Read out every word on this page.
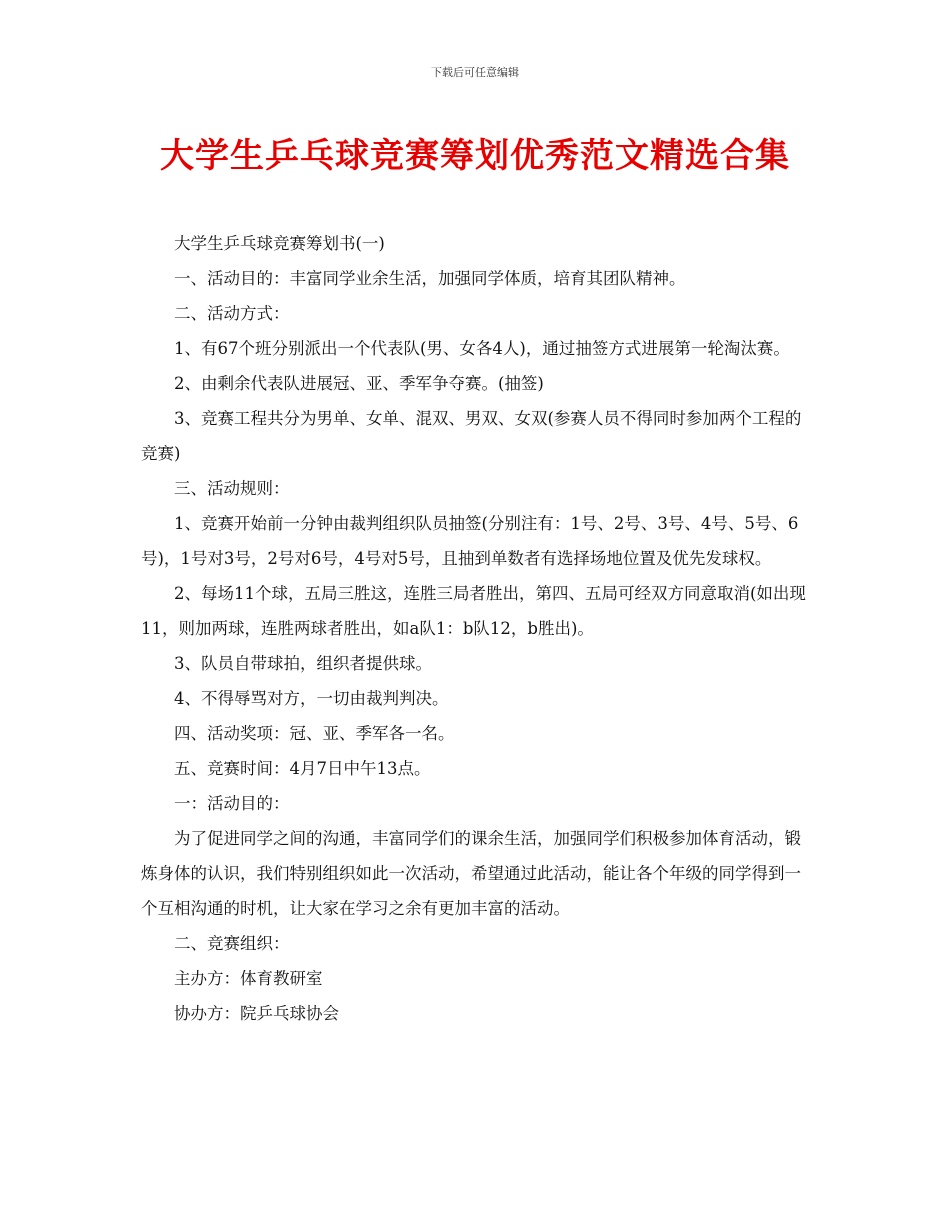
下载后可任意编辑
大学生乒乓球竞赛筹划优秀范文精选合集

大学生乒乓球竞赛筹划书(一)

一、活动目的：丰富同学业余生活，加强同学体质，培育其团队精神。

二、活动方式：

1、有67个班分别派出一个代表队(男、女各4人)，通过抽签方式进展第一轮淘汰赛。

2、由剩余代表队进展冠、亚、季军争夺赛。(抽签)

3、竞赛工程共分为男单、女单、混双、男双、女双(参赛人员不得同时参加两个工程的竞赛)

三、活动规则：

1、竞赛开始前一分钟由裁判组织队员抽签(分别注有：1号、2号、3号、4号、5号、6号)，1号对3号，2号对6号，4号对5号，且抽到单数者有选择场地位置及优先发球权。

2、每场11个球，五局三胜这，连胜三局者胜出，第四、五局可经双方同意取消(如出现11，则加两球，连胜两球者胜出，如a队1：b队12，b胜出)。

3、队员自带球拍，组织者提供球。

4、不得辱骂对方，一切由裁判判决。

四、活动奖项：冠、亚、季军各一名。

五、竞赛时间：4月7日中午13点。

一：活动目的：

为了促进同学之间的沟通，丰富同学们的课余生活，加强同学们积极参加体育活动，锻炼身体的认识，我们特别组织如此一次活动，希望通过此活动，能让各个年级的同学得到一个互相沟通的时机，让大家在学习之余有更加丰富的活动。

二、竞赛组织：

主办方：体育教研室

协办方：院乒乓球协会
